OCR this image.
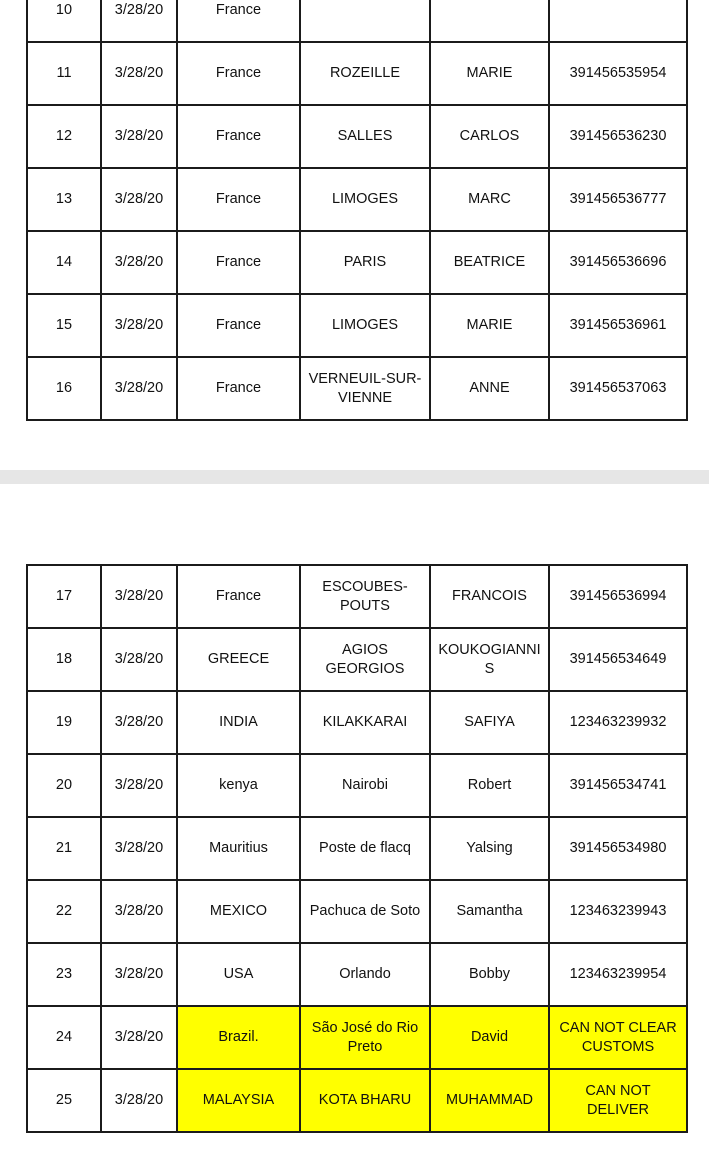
10	3/28/20	France			
11	3/28/20	France	ROZEILLE	MARIE	391456535954
12	3/28/20	France	SALLES	CARLOS	391456536230
13	3/28/20	France	LIMOGES	MARC	391456536777
14	3/28/20	France	PARIS	BEATRICE	391456536696
15	3/28/20	France	LIMOGES	MARIE	391456536961
16	3/28/20	France	VERNEUIL-SUR-VIENNE	ANNE	391456537063
17	3/28/20	France	ESCOUBES-POUTS	FRANCOIS	391456536994
18	3/28/20	GREECE	AGIOS GEORGIOS	KOUKOGIANNIS	391456534649
19	3/28/20	INDIA	KILAKKARAI	SAFIYA	123463239932
20	3/28/20	kenya	Nairobi	Robert	391456534741
21	3/28/20	Mauritius	Poste de flacq	Yalsing	391456534980
22	3/28/20	MEXICO	Pachuca de Soto	Samantha	123463239943
23	3/28/20	USA	Orlando	Bobby	123463239954
24	3/28/20	Brazil.	São José do Rio Preto	David	CAN NOT CLEAR CUSTOMS
25	3/28/20	MALAYSIA	KOTA BHARU	MUHAMMAD	CAN NOT DELIVER
